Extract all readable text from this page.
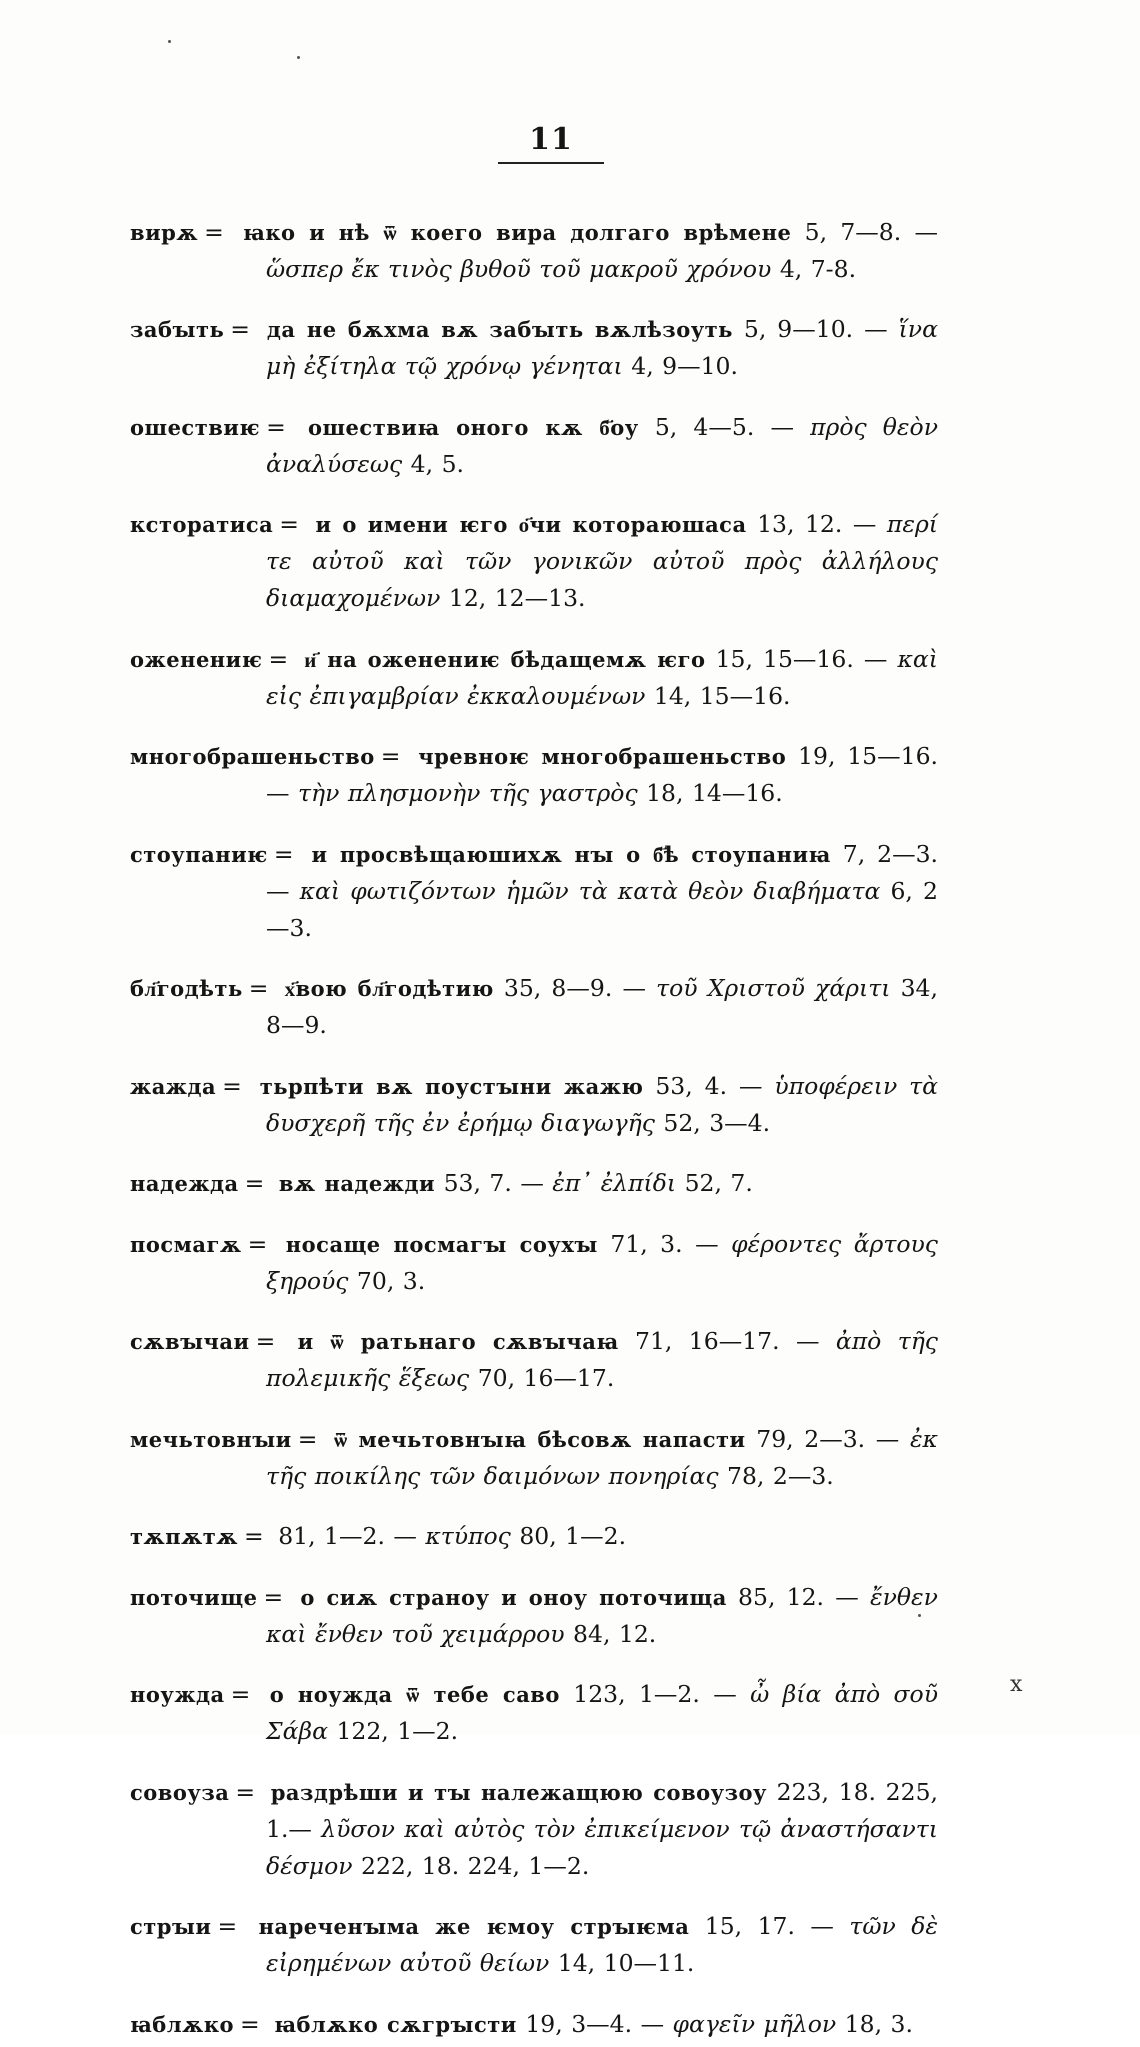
11

вирѫ = ꙗко и нѣ ѿ коего вира долгаго врѣмене 5, 7—8. — ὥσπερ ἔκ τινὸς βυθοῦ τοῦ μακροῦ χρόνου 4, 7-8.

забꙑть = да не бѫхма вѫ забꙑть вѫлѣзоуть 5, 9—10. — ἵνα μὴ ἐξίτηλα τῷ χρόνῳ γένηται 4, 9—10.

ошествиѥ = ошествиꙗ оного кѫ б҃оу 5, 4—5. — πρὸς θεὸν ἀναλύσεως 4, 5.

ксторатиса = и о имени ѥго о҃чи котораюшаса 13, 12. — περί τε αὐτοῦ καὶ τῶν γονικῶν αὐτοῦ πρὸς ἀλλήλους διαμαχομένων 12, 12—13.

оженениѥ = и҃ на оженениѥ бѣдащемѫ ѥго 15, 15—16. — καὶ εἰς ἐπιγαμβρίαν ἐκκαλουμένων 14, 15—16.

многобрашеньство = чревноѥ многобрашеньство 19, 15—16. — τὴν πλησμονὴν τῆς γαστρὸς 18, 14—16.

стоупаниѥ = и просвѣщаюшихѫ нꙑ о б҃ѣ стоупаниꙗ 7, 2—3. — καὶ φωτιζόντων ἡμῶν τὰ κατὰ θεὸν διαβήματα 6, 2—3.

бл҃годѣть = х҃вою бл҃годѣтию 35, 8—9. — τοῦ Χριστοῦ χάριτι 34, 8—9.

жажда = тьрпѣти вѫ поустꙑни жажю 53, 4. — ὑποφέρειν τὰ δυσχερῆ τῆς ἐν ἐρήμῳ διαγωγῆς 52, 3—4.

надежда = вѫ надежди 53, 7. — ἐπ᾿ ἐλπίδι 52, 7.

посмагѫ = носаще посмагꙑ соухꙑ 71, 3. — φέροντες ἄρτους ξηρούς 70, 3.

сѫвꙑчаи = и ѿ ратьнаго сѫвꙑчаꙗ 71, 16—17. — ἀπὸ τῆς πολεμικῆς ἕξεως 70, 16—17.

мечьтовнꙑи = ѿ мечьтовнꙑꙗ бѣсовѫ напасти 79, 2—3. — ἐκ τῆς ποικίλης τῶν δαιμόνων πονηρίας 78, 2—3.

тѫпѫтѫ = 81, 1—2. — κτύπος 80, 1—2.

поточище = о сиѫ страноу и оноу поточища 85, 12. — ἔνθεν καὶ ἔνθεν τοῦ χειμάρρου 84, 12.

ноужда = о ноужда ѿ тебе саво 123, 1—2. — ὦ βία ἀπὸ σοῦ Σάβα 122, 1—2.

совоуза = раздрѣши и тꙑ належащюю совоузоу 223, 18. 225, 1.— λῦσον καὶ αὐτὸς τὸν ἐπικείμενον τῷ ἀναστήσαντι δέσμον 222, 18. 224, 1—2.

стрꙑи = нареченꙑма же ѥмоу стрꙑѥма 15, 17. — τῶν δὲ εἰρημένων αὐτοῦ θείων 14, 10—11.

ꙗблѫко = ꙗблѫко сѫгрꙑсти 19, 3—4. — φαγεῖν μῆλον 18, 3.

x
